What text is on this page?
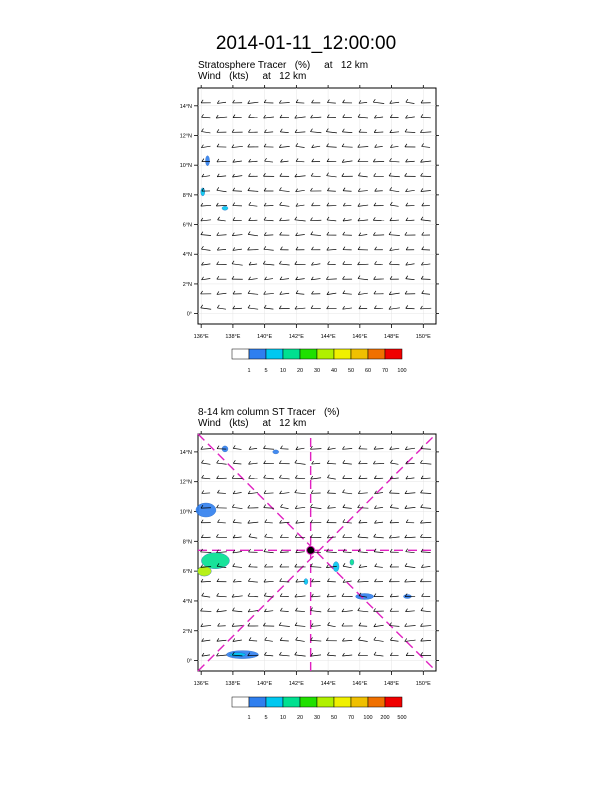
2014-01-11_12:00:00
Stratosphere Tracer   (%)     at   12 km
Wind   (kts)     at   12 km
8-14 km column ST Tracer   (%)
Wind   (kts)     at   12 km
136°E	138°E	140°E	142°E	144°E	146°E	148°E	150°E
0°
2°N
4°N
6°N
8°N
10°N
12°N
14°N
1	5 10 20 30 40 50 60 70 100
136°E	138°E	140°E	142°E	144°E	146°E	148°E	150°E
0°
2°N
4°N
6°N
8°N
10°N
12°N
14°N
1	5 10 20 30 50 70 100 200 500
